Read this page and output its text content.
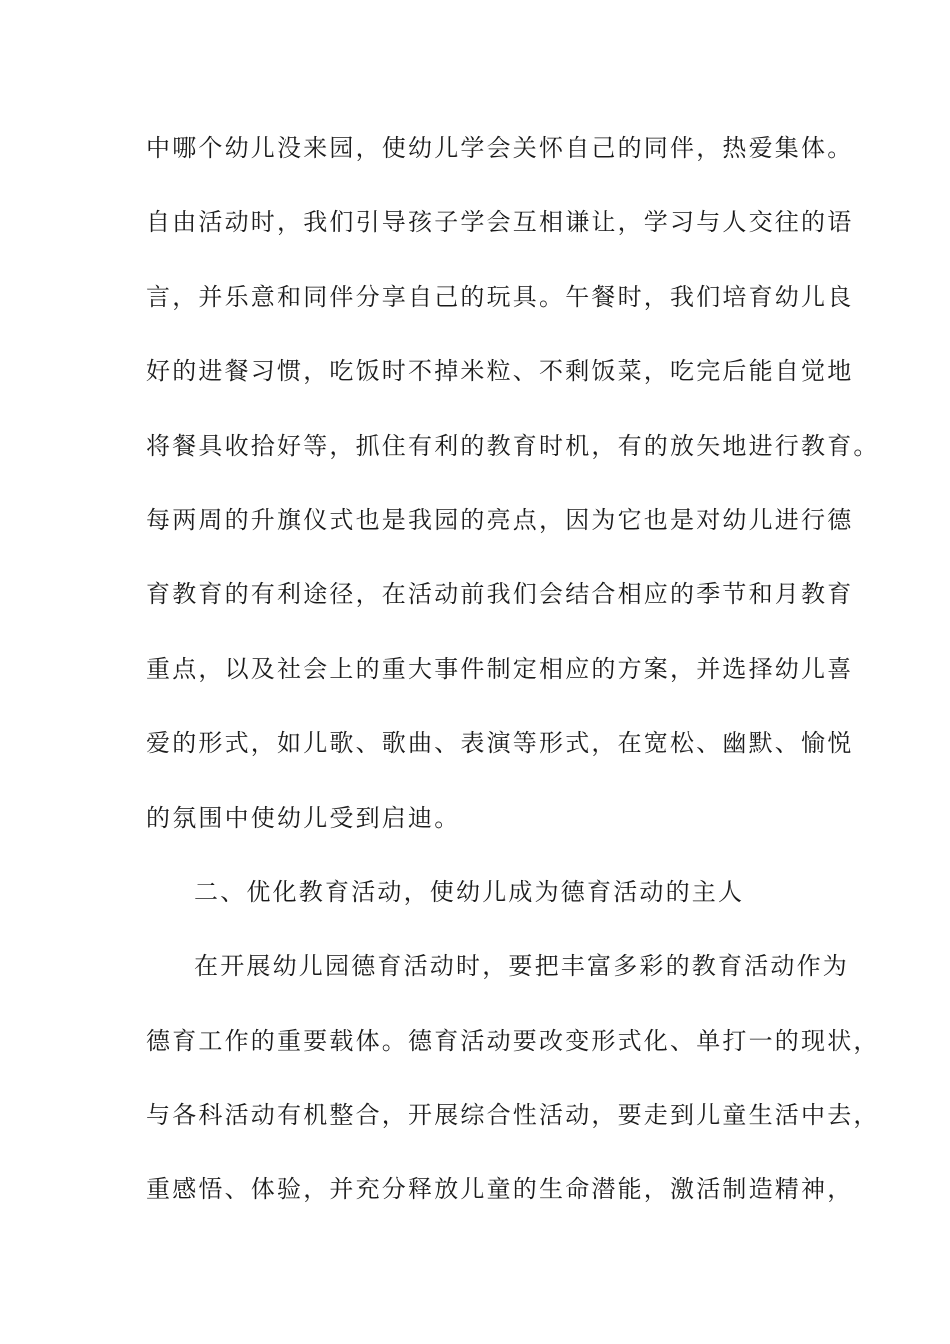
中哪个幼儿没来园，使幼儿学会关怀自己的同伴，热爱集体。
自由活动时，我们引导孩子学会互相谦让，学习与人交往的语
言，并乐意和同伴分享自己的玩具。午餐时，我们培育幼儿良
好的进餐习惯，吃饭时不掉米粒、不剩饭菜，吃完后能自觉地
将餐具收拾好等，抓住有利的教育时机，有的放矢地进行教育。
每两周的升旗仪式也是我园的亮点，因为它也是对幼儿进行德
育教育的有利途径，在活动前我们会结合相应的季节和月教育
重点，以及社会上的重大事件制定相应的方案，并选择幼儿喜
爱的形式，如儿歌、歌曲、表演等形式，在宽松、幽默、愉悦
的氛围中使幼儿受到启迪。
二、优化教育活动，使幼儿成为德育活动的主人
在开展幼儿园德育活动时，要把丰富多彩的教育活动作为
德育工作的重要载体。德育活动要改变形式化、单打一的现状，
与各科活动有机整合，开展综合性活动，要走到儿童生活中去，
重感悟、体验，并充分释放儿童的生命潜能，激活制造精神，
